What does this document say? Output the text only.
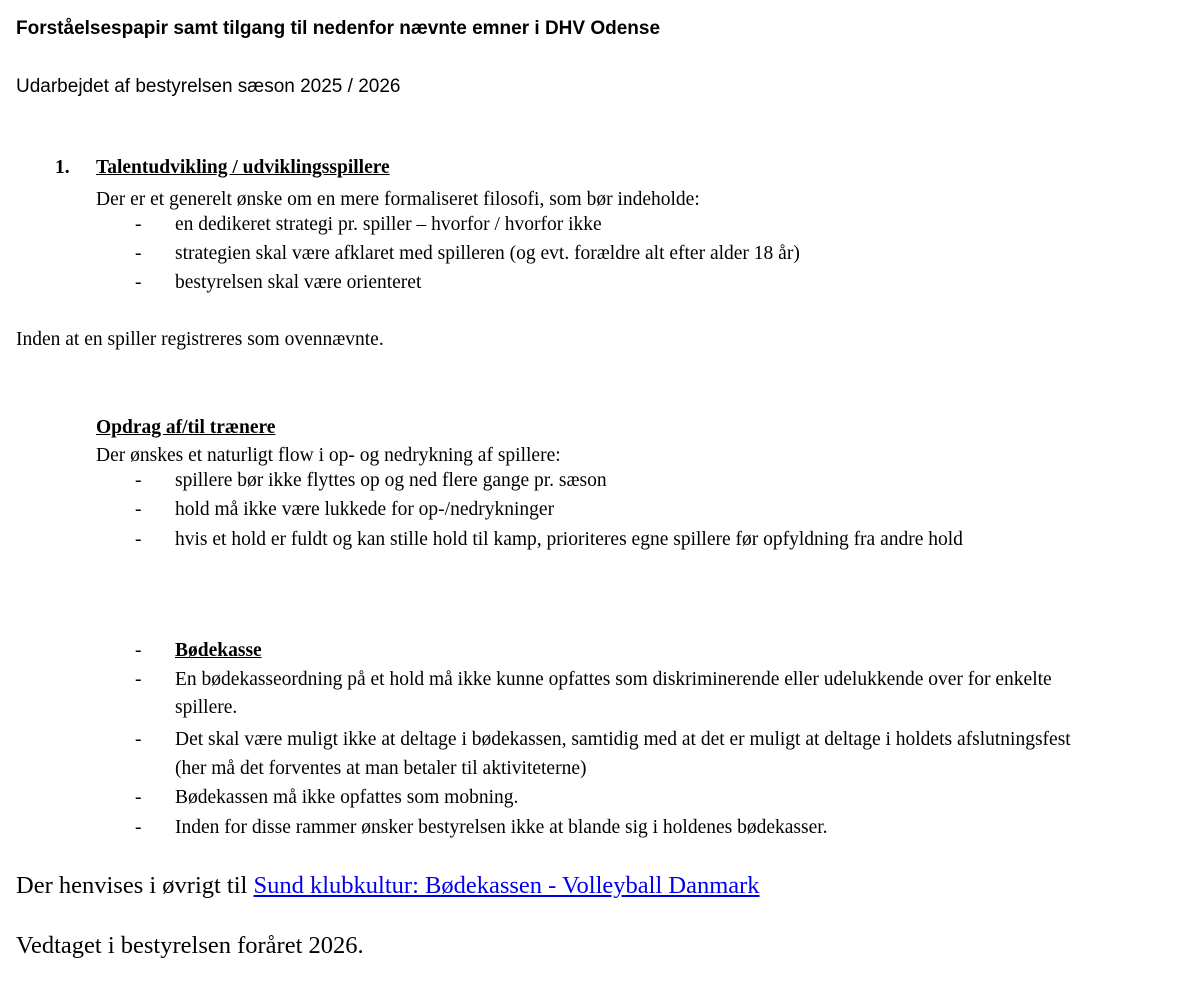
Forståelsespapir samt tilgang til nedenfor nævnte emner i DHV Odense
Udarbejdet af bestyrelsen sæson 2025 / 2026
1. Talentudvikling / udviklingsspillere
Der er et generelt ønske om en mere formaliseret filosofi, som bør indeholde:
- en dedikeret strategi pr. spiller – hvorfor / hvorfor ikke
- strategien skal være afklaret med spilleren (og evt. forældre alt efter alder 18 år)
- bestyrelsen skal være orienteret
Inden at en spiller registreres som ovennævnte.
Opdrag af/til trænere
Der ønskes et naturligt flow i op- og nedrykning af spillere:
- spillere bør ikke flyttes op og ned flere gange pr. sæson
- hold må ikke være lukkede for op-/nedrykninger
- hvis et hold er fuldt og kan stille hold til kamp, prioriteres egne spillere før opfyldning fra andre hold
- Bødekasse
- En bødekasseordning på et hold må ikke kunne opfattes som diskriminerende eller udelukkende over for enkelte
spillere.
- Det skal være muligt ikke at deltage i bødekassen, samtidig med at det er muligt at deltage i holdets afslutningsfest
(her må det forventes at man betaler til aktiviteterne)
- Bødekassen må ikke opfattes som mobning.
- Inden for disse rammer ønsker bestyrelsen ikke at blande sig i holdenes bødekasser.
Der henvises i øvrigt til Sund klubkultur: Bødekassen - Volleyball Danmark
Vedtaget i bestyrelsen foråret 2026.
